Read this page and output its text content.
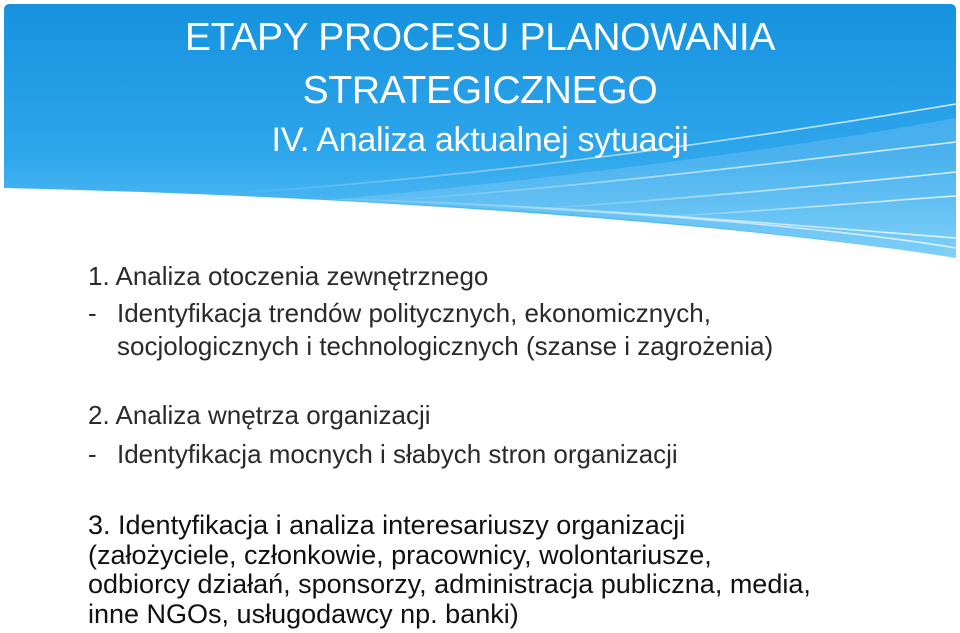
ETAPY PROCESU PLANOWANIA
STRATEGICZNEGO
IV. Analiza aktualnej sytuacji
1. Analiza otoczenia zewnętrznego
- Identyfikacja trendów politycznych, ekonomicznych,
socjologicznych i technologicznych (szanse i zagrożenia)
2. Analiza wnętrza organizacji
- Identyfikacja mocnych i słabych stron organizacji
3. Identyfikacja i analiza interesariuszy organizacji
(założyciele, członkowie, pracownicy, wolontariusze,
odbiorcy działań, sponsorzy, administracja publiczna, media,
inne NGOs, usługodawcy np. banki)
